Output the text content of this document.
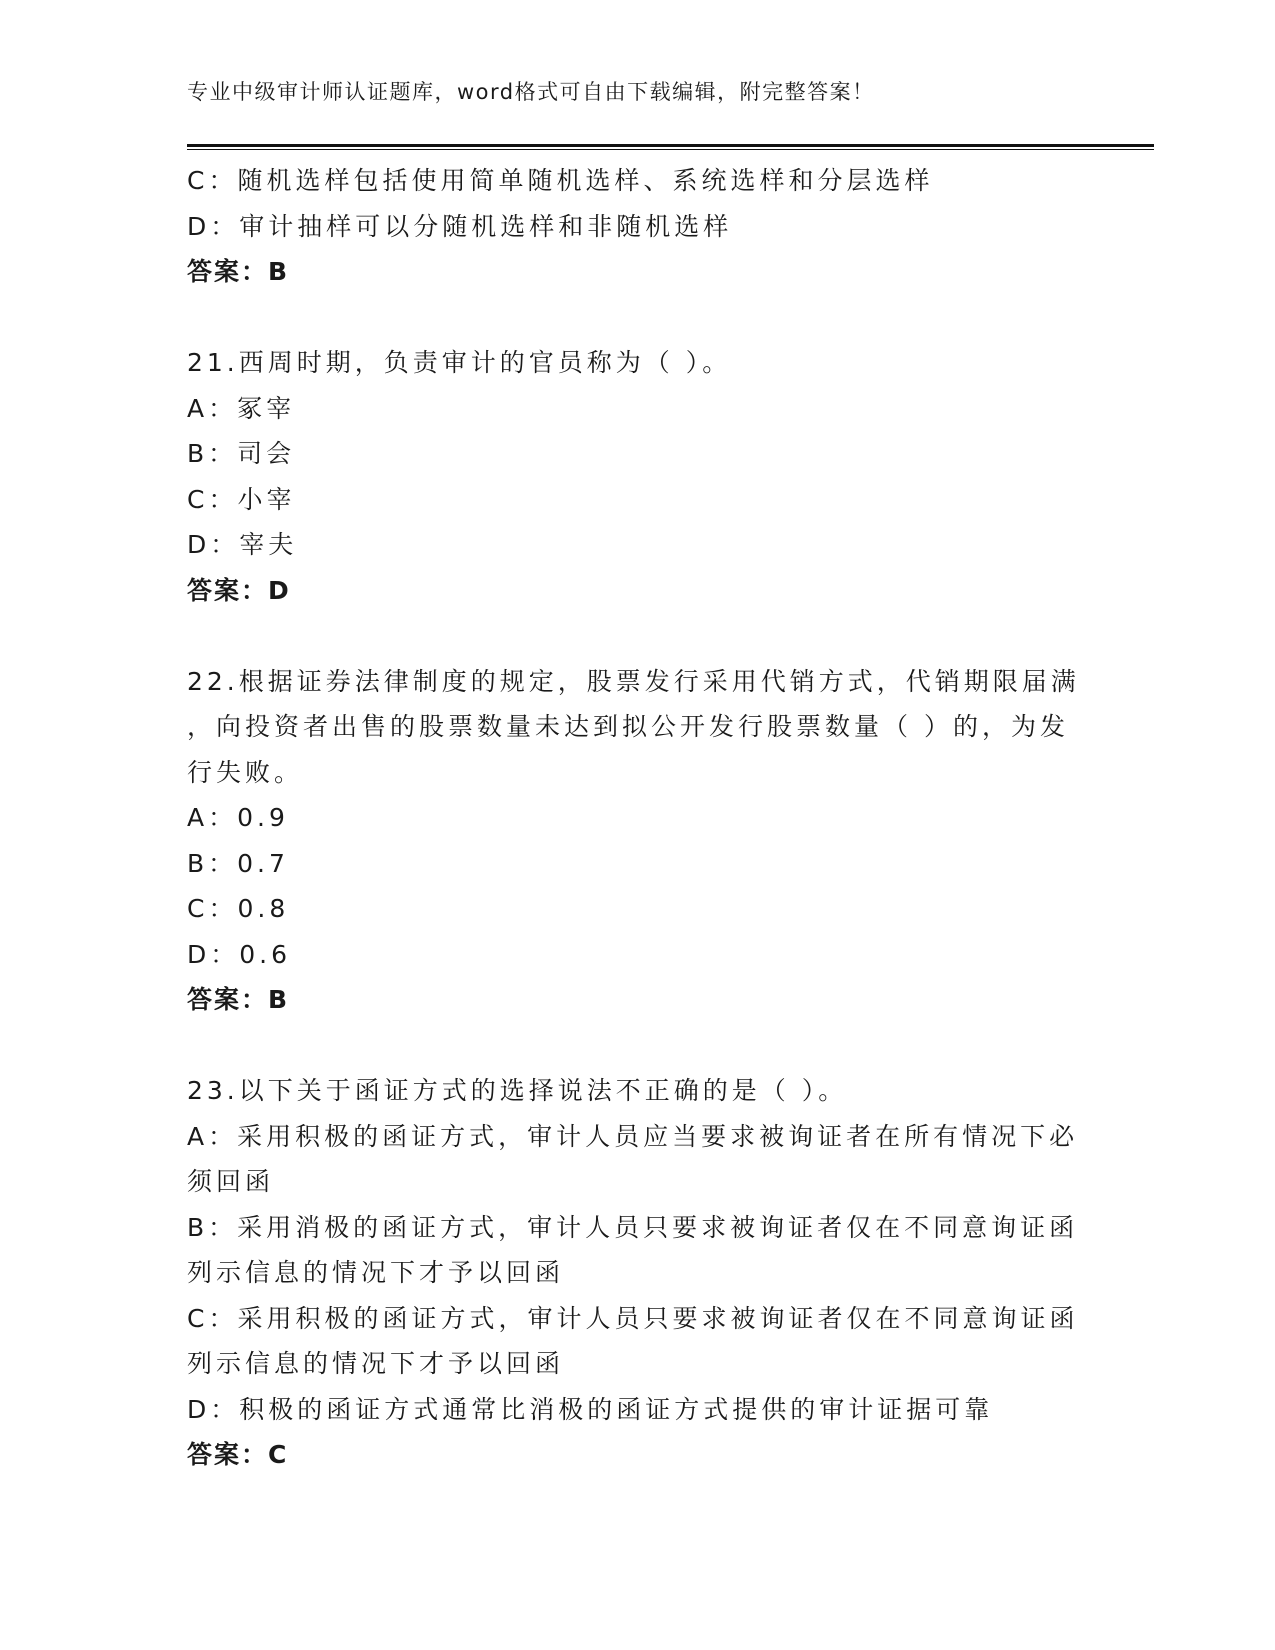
专业中级审计师认证题库，word格式可自由下载编辑，附完整答案！
C：随机选样包括使用简单随机选样、系统选样和分层选样
D：审计抽样可以分随机选样和非随机选样
答案：B
21.西周时期，负责审计的官员称为（ ）。
A：冢宰
B：司会
C：小宰
D：宰夫
答案：D
22.根据证券法律制度的规定，股票发行采用代销方式，代销期限届满
，向投资者出售的股票数量未达到拟公开发行股票数量（ ）的，为发
行失败。
A：0.9
B：0.7
C：0.8
D：0.6
答案：B
23.以下关于函证方式的选择说法不正确的是（ ）。
A：采用积极的函证方式，审计人员应当要求被询证者在所有情况下必
须回函
B：采用消极的函证方式，审计人员只要求被询证者仅在不同意询证函
列示信息的情况下才予以回函
C：采用积极的函证方式，审计人员只要求被询证者仅在不同意询证函
列示信息的情况下才予以回函
D：积极的函证方式通常比消极的函证方式提供的审计证据可靠
答案：C
